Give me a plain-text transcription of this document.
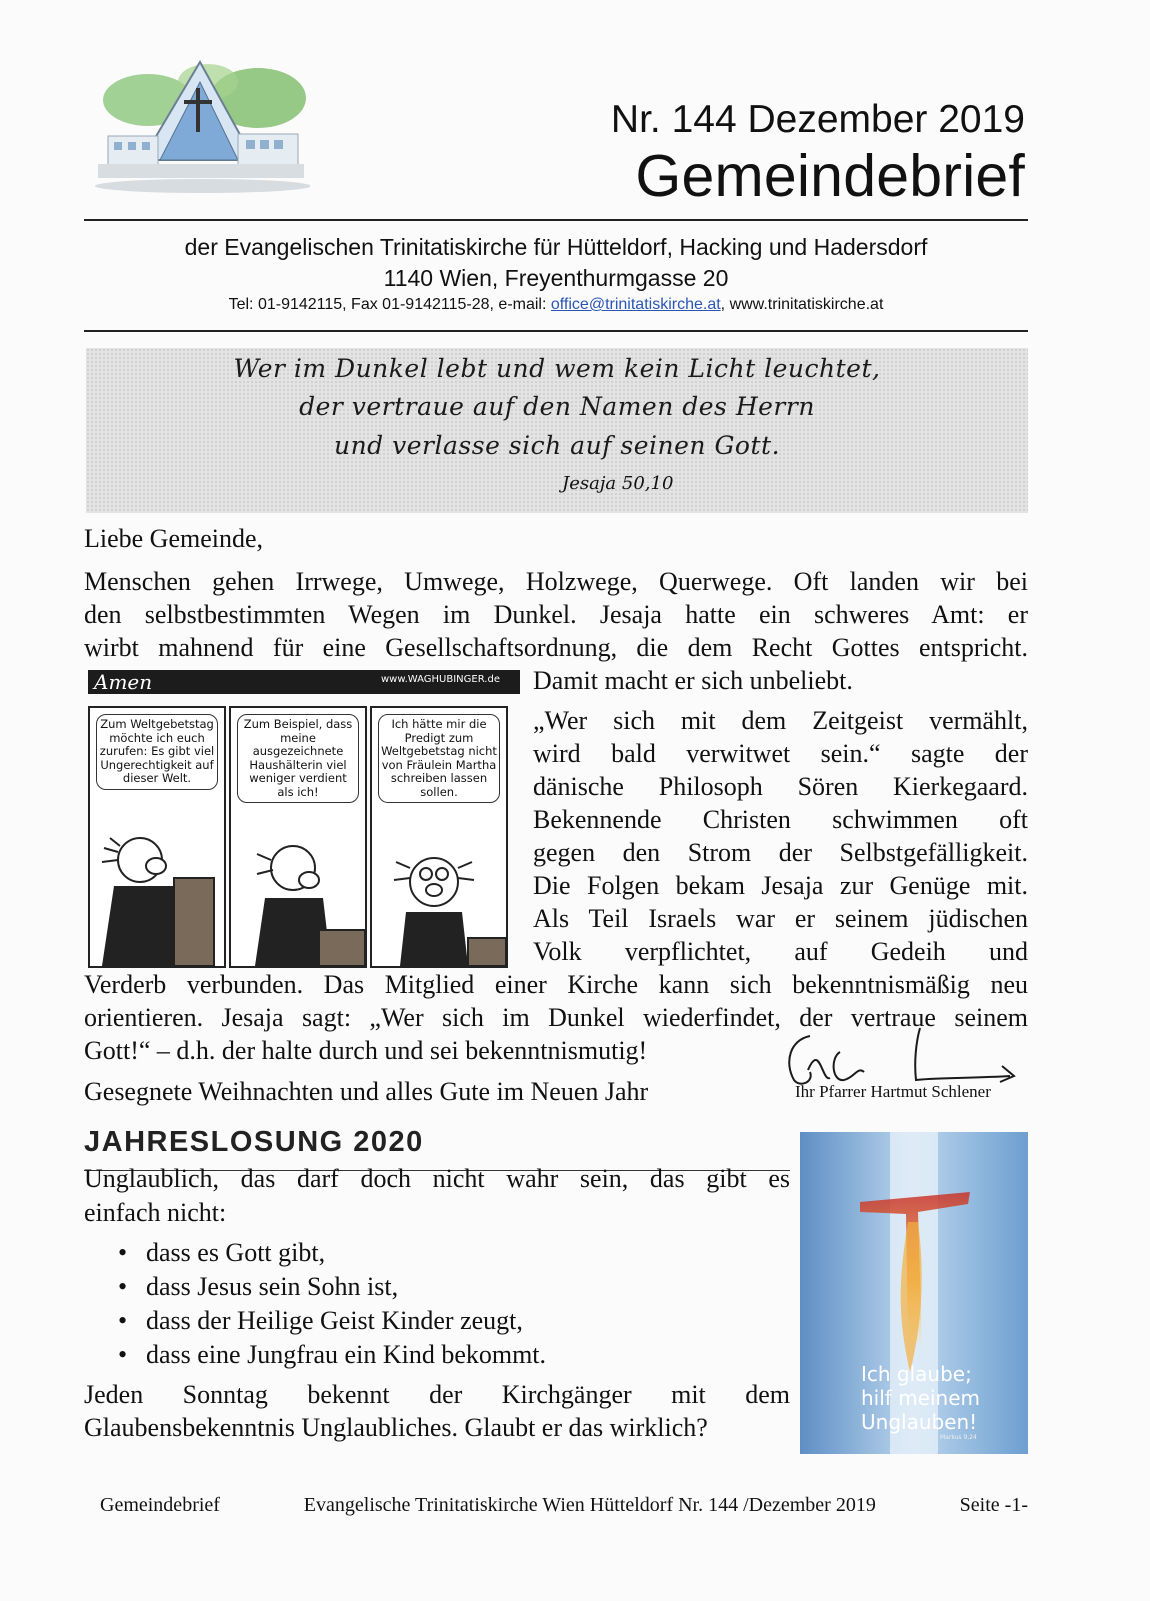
Nr. 144 Dezember 2019
Gemeindebrief
der Evangelischen Trinitatiskirche für Hütteldorf, Hacking und Hadersdorf
1140 Wien, Freyenthurmgasse 20
Tel: 01-9142115, Fax 01-9142115-28, e-mail: office@trinitatiskirche.at, www.trinitatiskirche.at
Wer im Dunkel lebt und wem kein Licht leuchtet,
der vertraue auf den Namen des Herrn
und verlasse sich auf seinen Gott.
Jesaja 50,10
Liebe Gemeinde,
Menschen gehen Irrwege, Umwege, Holzwege, Querwege. Oft landen wir bei
den selbstbestimmten Wegen im Dunkel. Jesaja hatte ein schweres Amt: er
wirbt mahnend für eine Gesellschaftsordnung, die dem Recht Gottes entspricht.
Damit macht er sich unbeliebt.
„Wer sich mit dem Zeitgeist vermählt,
wird bald verwitwet sein.“ sagte der
dänische Philosoph Sören Kierkegaard.
Bekennende Christen schwimmen oft
gegen den Strom der Selbstgefälligkeit.
Die Folgen bekam Jesaja zur Genüge mit.
Als Teil Israels war er seinem jüdischen
Volk verpflichtet, auf Gedeih und
Verderb verbunden. Das Mitglied einer Kirche kann sich bekenntnismäßig neu
orientieren. Jesaja sagt: „Wer sich im Dunkel wiederfindet, der vertraue seinem
Gott!“ – d.h. der halte durch und sei bekenntnismutig!
Gesegnete Weihnachten und alles Gute im Neuen Jahr	Ihr Pfarrer Hartmut Schlener
Amen	www.WAGHUBINGER.de
Zum Weltgebetstag möchte ich euch zurufen: Es gibt viel Ungerechtigkeit auf dieser Welt.
Zum Beispiel, dass meine ausgezeichnete Haushälterin viel weniger verdient als ich!
Ich hätte mir die Predigt zum Weltgebetstag nicht von Fräulein Martha schreiben lassen sollen.
JAHRESLOSUNG 2020
Unglaublich, das darf doch nicht wahr sein, das gibt es
einfach nicht:
• dass es Gott gibt,
• dass Jesus sein Sohn ist,
• dass der Heilige Geist Kinder zeugt,
• dass eine Jungfrau ein Kind bekommt.
Jeden Sonntag bekennt der Kirchgänger mit dem
Glaubensbekenntnis Unglaubliches. Glaubt er das wirklich?
Ich glaube;
hilf meinem
Unglauben!
Markus 9,24
Gemeindebrief	Evangelische Trinitatiskirche Wien Hütteldorf Nr. 144 /Dezember 2019	Seite -1-
